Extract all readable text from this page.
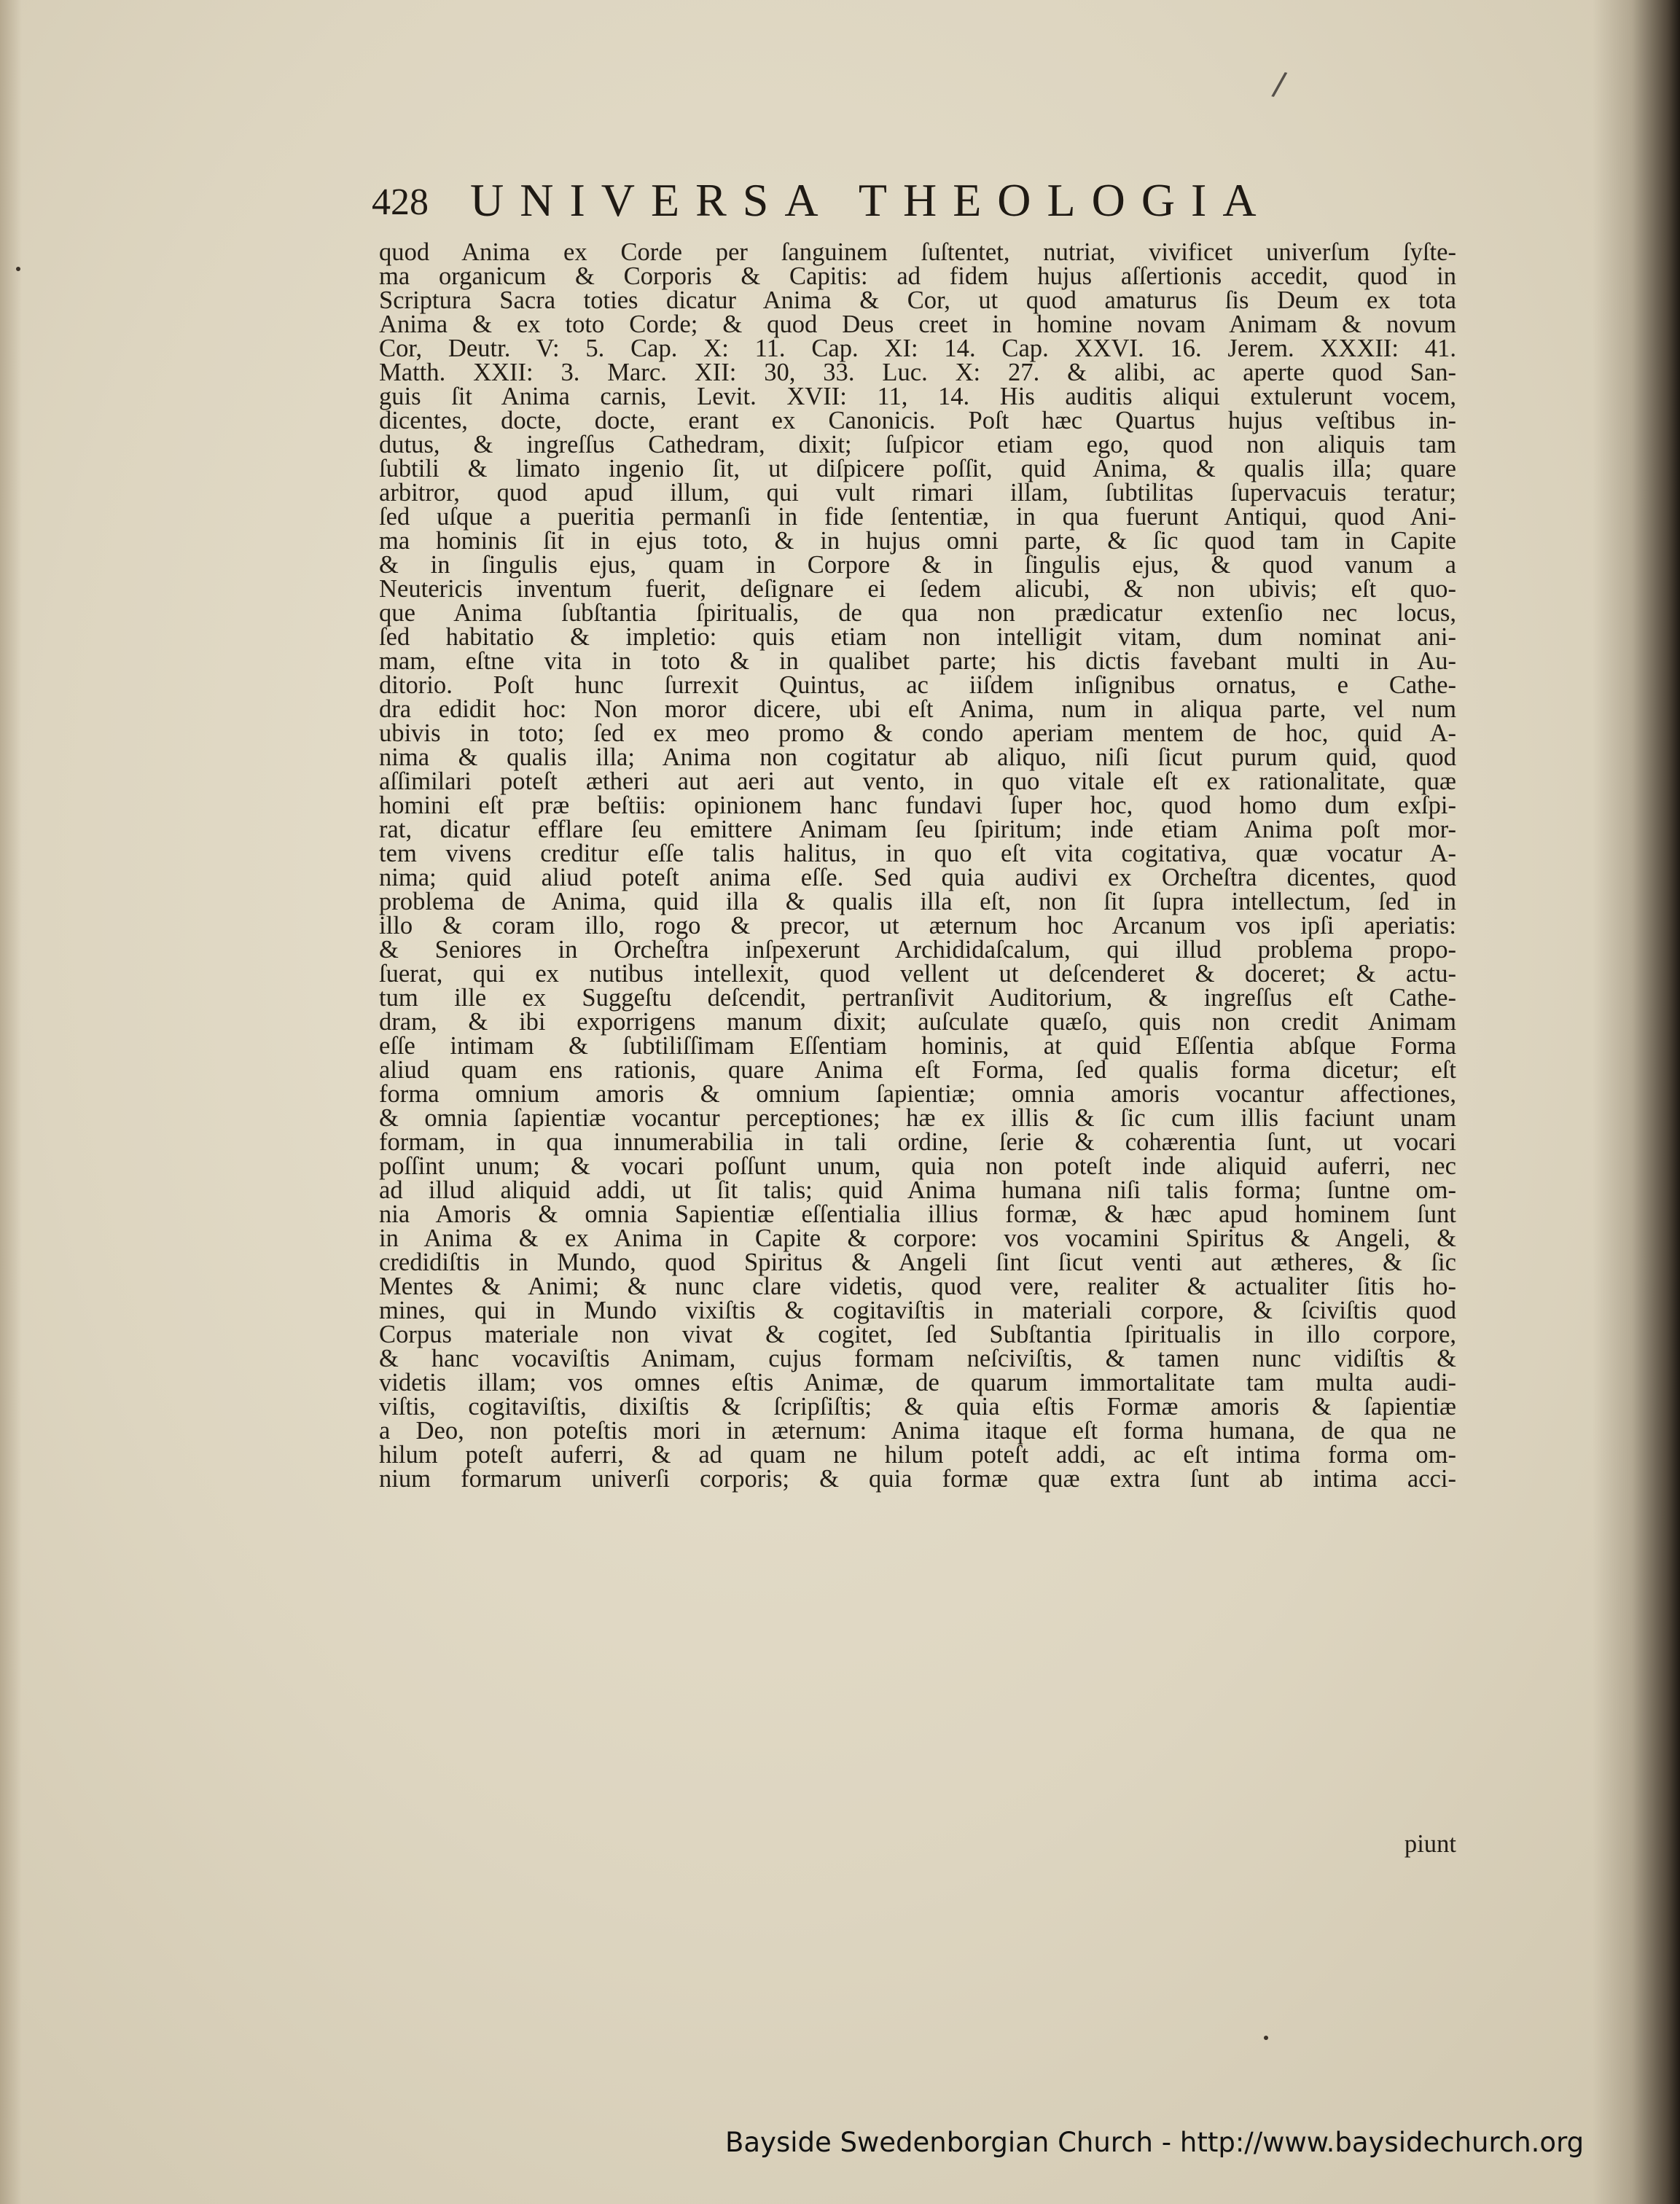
/
428 UNIVERSA THEOLOGIA
quod Anima ex Corde per ſanguinem ſuſtentet, nutriat, vivificet univerſum ſyſte-
ma organicum & Corporis & Capitis: ad fidem hujus aſſertionis accedit, quod in
Scriptura Sacra toties dicatur Anima & Cor, ut quod amaturus ſis Deum ex tota
Anima & ex toto Corde; & quod Deus creet in homine novam Animam & novum
Cor, Deutr. V: 5. Cap. X: 11. Cap. XI: 14. Cap. XXVI. 16. Jerem. XXXII: 41.
Matth. XXII: 3. Marc. XII: 30, 33. Luc. X: 27. & alibi, ac aperte quod San-
guis ſit Anima carnis, Levit. XVII: 11, 14. His auditis aliqui extulerunt vocem,
dicentes, docte, docte, erant ex Canonicis. Poſt hæc Quartus hujus veſtibus in-
dutus, & ingreſſus Cathedram, dixit; ſuſpicor etiam ego, quod non aliquis tam
ſubtili & limato ingenio ſit, ut diſpicere poſſit, quid Anima, & qualis illa; quare
arbitror, quod apud illum, qui vult rimari illam, ſubtilitas ſupervacuis teratur;
ſed uſque a pueritia permanſi in fide ſententiæ, in qua fuerunt Antiqui, quod Ani-
ma hominis ſit in ejus toto, & in hujus omni parte, & ſic quod tam in Capite
& in ſingulis ejus, quam in Corpore & in ſingulis ejus, & quod vanum a
Neutericis inventum fuerit, deſignare ei ſedem alicubi, & non ubivis; eſt quo-
que Anima ſubſtantia ſpiritualis, de qua non prædicatur extenſio nec locus,
ſed habitatio & impletio: quis etiam non intelligit vitam, dum nominat ani-
mam, eſtne vita in toto & in qualibet parte; his dictis favebant multi in Au-
ditorio. Poſt hunc ſurrexit Quintus, ac iiſdem inſignibus ornatus, e Cathe-
dra edidit hoc: Non moror dicere, ubi eſt Anima, num in aliqua parte, vel num
ubivis in toto; ſed ex meo promo & condo aperiam mentem de hoc, quid A-
nima & qualis illa; Anima non cogitatur ab aliquo, niſi ſicut purum quid, quod
aſſimilari poteſt ætheri aut aeri aut vento, in quo vitale eſt ex rationalitate, quæ
homini eſt præ beſtiis: opinionem hanc fundavi ſuper hoc, quod homo dum exſpi-
rat, dicatur efflare ſeu emittere Animam ſeu ſpiritum; inde etiam Anima poſt mor-
tem vivens creditur eſſe talis halitus, in quo eſt vita cogitativa, quæ vocatur A-
nima; quid aliud poteſt anima eſſe. Sed quia audivi ex Orcheſtra dicentes, quod
problema de Anima, quid illa & qualis illa eſt, non ſit ſupra intellectum, ſed in
illo & coram illo, rogo & precor, ut æternum hoc Arcanum vos ipſi aperiatis:
& Seniores in Orcheſtra inſpexerunt Archididaſcalum, qui illud problema propo-
ſuerat, qui ex nutibus intellexit, quod vellent ut deſcenderet & doceret; & actu-
tum ille ex Suggeſtu deſcendit, pertranſivit Auditorium, & ingreſſus eſt Cathe-
dram, & ibi exporrigens manum dixit; auſculate quæſo, quis non credit Animam
eſſe intimam & ſubtiliſſimam Eſſentiam hominis, at quid Eſſentia abſque Forma
aliud quam ens rationis, quare Anima eſt Forma, ſed qualis forma dicetur; eſt
forma omnium amoris & omnium ſapientiæ; omnia amoris vocantur affectiones,
& omnia ſapientiæ vocantur perceptiones; hæ ex illis & ſic cum illis faciunt unam
formam, in qua innumerabilia in tali ordine, ſerie & cohærentia ſunt, ut vocari
poſſint unum; & vocari poſſunt unum, quia non poteſt inde aliquid auferri, nec
ad illud aliquid addi, ut ſit talis; quid Anima humana niſi talis forma; ſuntne om-
nia Amoris & omnia Sapientiæ eſſentialia illius formæ, & hæc apud hominem ſunt
in Anima & ex Anima in Capite & corpore: vos vocamini Spiritus & Angeli, &
credidiſtis in Mundo, quod Spiritus & Angeli ſint ſicut venti aut ætheres, & ſic
Mentes & Animi; & nunc clare videtis, quod vere, realiter & actualiter ſitis ho-
mines, qui in Mundo vixiſtis & cogitaviſtis in materiali corpore, & ſciviſtis quod
Corpus materiale non vivat & cogitet, ſed Subſtantia ſpiritualis in illo corpore,
& hanc vocaviſtis Animam, cujus formam neſciviſtis, & tamen nunc vidiſtis &
videtis illam; vos omnes eſtis Animæ, de quarum immortalitate tam multa audi-
viſtis, cogitaviſtis, dixiſtis & ſcripſiſtis; & quia eſtis Formæ amoris & ſapientiæ
a Deo, non poteſtis mori in æternum: Anima itaque eſt forma humana, de qua ne
hilum poteſt auferri, & ad quam ne hilum poteſt addi, ac eſt intima forma om-
nium formarum univerſi corporis; & quia formæ quæ extra ſunt ab intima acci-
piunt
Bayside Swedenborgian Church - http://www.baysidechurch.org
